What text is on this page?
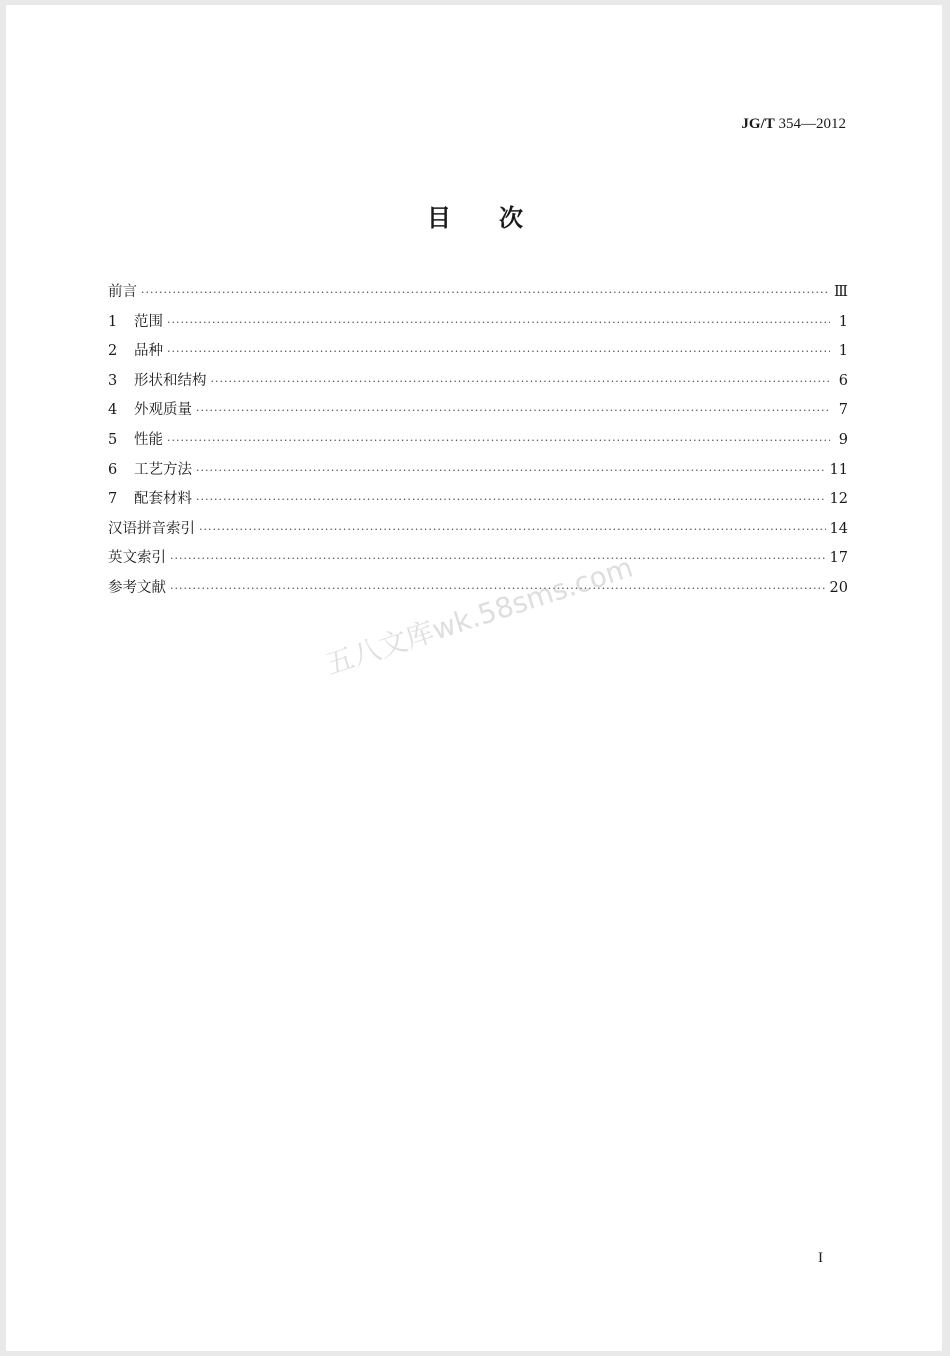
JG/T 354—2012
目次
前言 ·····	Ⅲ
1	范围 ·····	1
2	品种 ·····	1
3	形状和结构 ·····	6
4	外观质量 ·····	7
5	性能 ·····	9
6	工艺方法 ·····	11
7	配套材料 ·····	12
汉语拼音索引 ·····	14
英文索引 ·····	17
参考文献 ·····	20
五八文库wk.58sms.com
I
